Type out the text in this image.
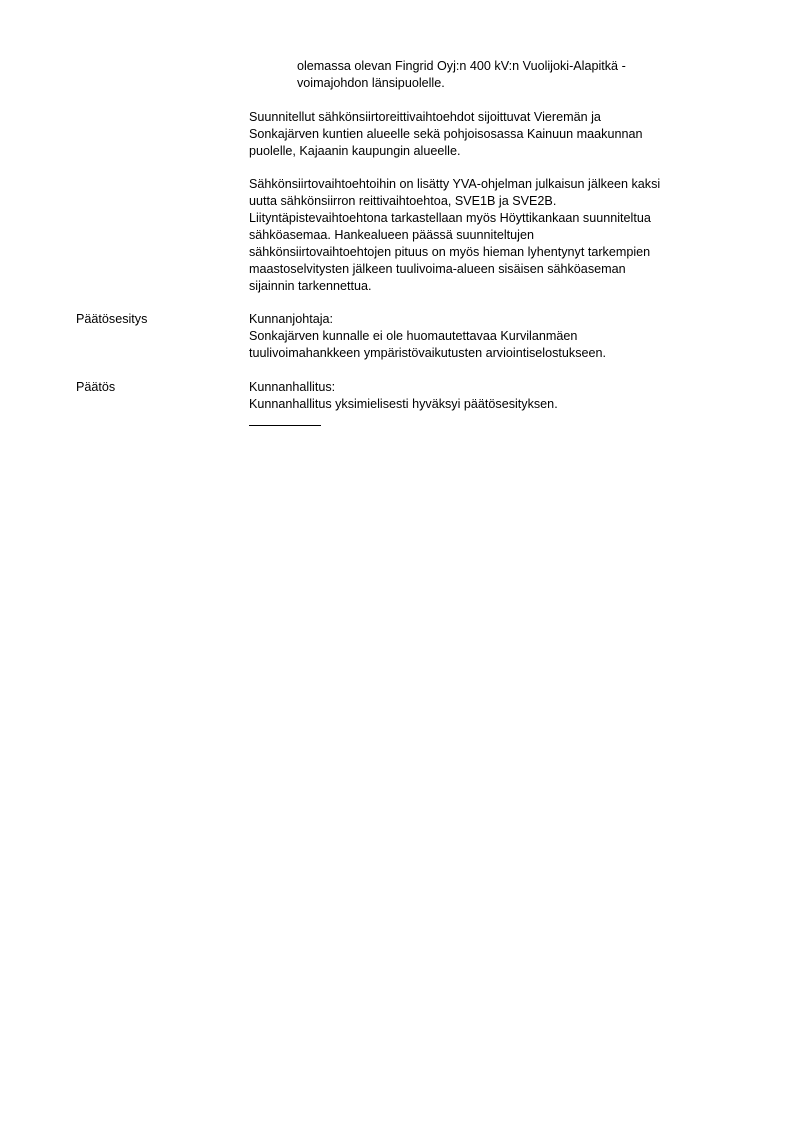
olemassa olevan Fingrid Oyj:n 400 kV:n Vuolijoki-Alapitkä -
voimajohdon länsipuolelle.
Suunnitellut sähkönsiirtoreittivaihtoehdot sijoittuvat Vieremän ja
Sonkajärven kuntien alueelle sekä pohjoisosassa Kainuun maakunnan
puolelle, Kajaanin kaupungin alueelle.
Sähkönsiirtovaihtoehtoihin on lisätty YVA-ohjelman julkaisun jälkeen kaksi
uutta sähkönsiirron reittivaihtoehtoa, SVE1B ja SVE2B.
Liityntäpistevaihtoehtona tarkastellaan myös Höyttikankaan suunniteltua
sähköasemaa. Hankealueen päässä suunniteltujen
sähkönsiirtovaihtoehtojen pituus on myös hieman lyhentynyt tarkempien
maastoselvitysten jälkeen tuulivoima-alueen sisäisen sähköaseman
sijainnin tarkennettua.
Päätösesitys	Kunnanjohtaja:
Sonkajärven kunnalle ei ole huomautettavaa Kurvilanmäen
tuulivoimahankkeen ympäristövaikutusten arviointiselostukseen.
Päätös	Kunnanhallitus:
Kunnanhallitus yksimielisesti hyväksyi päätösesityksen.
